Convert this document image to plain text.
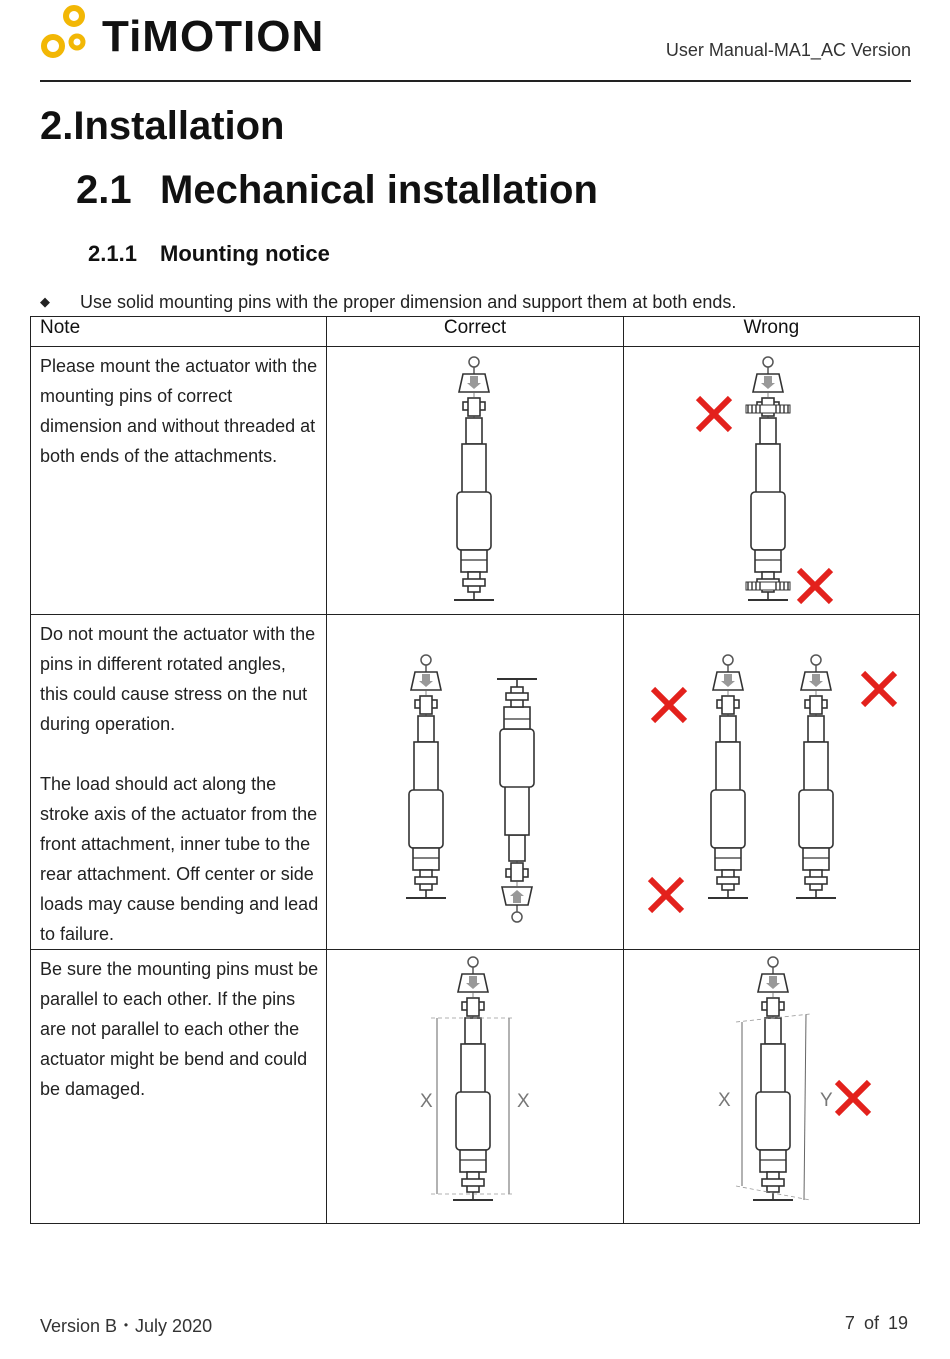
TiMOTION	User Manual-MA1_AC Version
2.Installation
2.1 Mechanical installation
2.1.1 Mounting notice
◆ Use solid mounting pins with the proper dimension and support them at both ends.
Note	Correct	Wrong

Please mount the actuator with the mounting pins of correct dimension and without threaded at both ends of the attachments.

Do not mount the actuator with the pins in different rotated angles, this could cause stress on the nut during operation.

The load should act along the stroke axis of the actuator from the front attachment, inner tube to the rear attachment. Off center or side loads may cause bending and lead to failure.

Be sure the mounting pins must be parallel to each other. If the pins are not parallel to each other the actuator might be bend and could be damaged.	X X	X Y
Version B・July 2020	7 of 19
